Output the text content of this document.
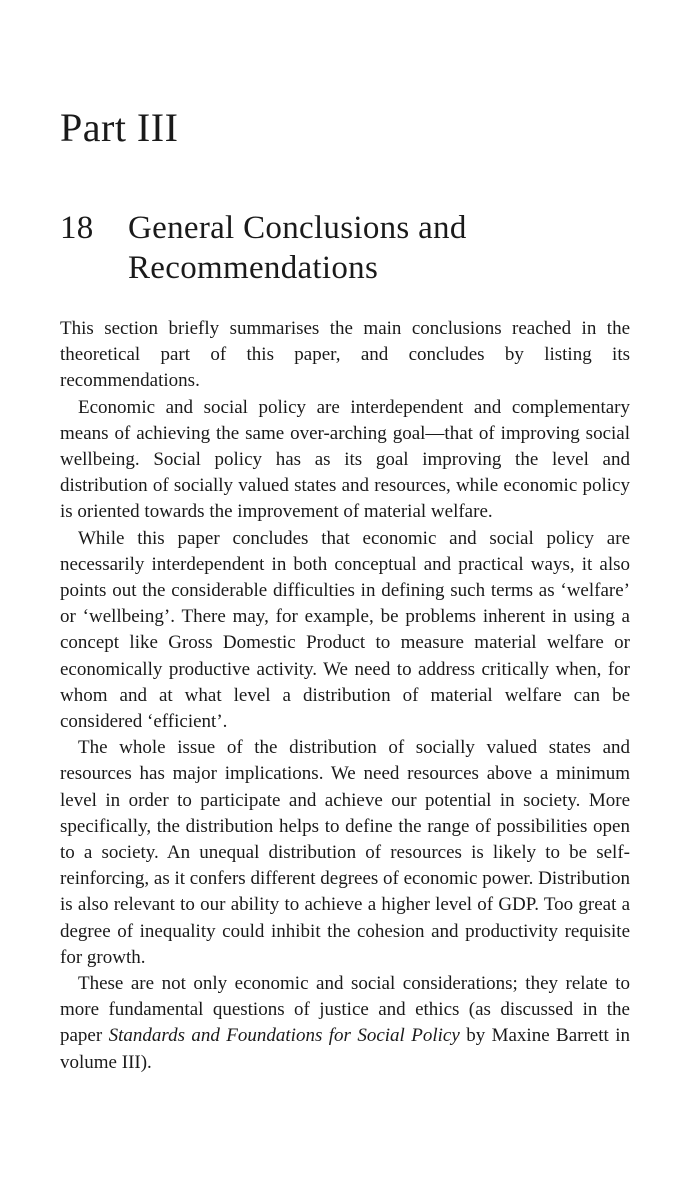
Part III
18 General Conclusions and Recommendations

This section briefly summarises the main conclusions reached in the theoretical part of this paper, and concludes by listing its recommendations.

Economic and social policy are interdependent and complementary means of achieving the same over-arching goal—that of improving social wellbeing. Social policy has as its goal improving the level and distribution of socially valued states and resources, while economic policy is oriented towards the improvement of material welfare.

While this paper concludes that economic and social policy are necessarily interdependent in both conceptual and practical ways, it also points out the considerable difficulties in defining such terms as ‘welfare’ or ‘wellbeing’. There may, for example, be problems inherent in using a concept like Gross Domestic Product to measure material welfare or economically productive activity. We need to address critically when, for whom and at what level a distribution of material welfare can be considered ‘efficient’.

The whole issue of the distribution of socially valued states and resources has major implications. We need resources above a minimum level in order to participate and achieve our potential in society. More specifically, the distribution helps to define the range of possibilities open to a society. An unequal distribution of resources is likely to be self-reinforcing, as it confers different degrees of economic power. Distribution is also relevant to our ability to achieve a higher level of GDP. Too great a degree of inequality could inhibit the cohesion and productivity requisite for growth.

These are not only economic and social considerations; they relate to more fundamental questions of justice and ethics (as discussed in the paper Standards and Foundations for Social Policy by Maxine Barrett in volume III).
